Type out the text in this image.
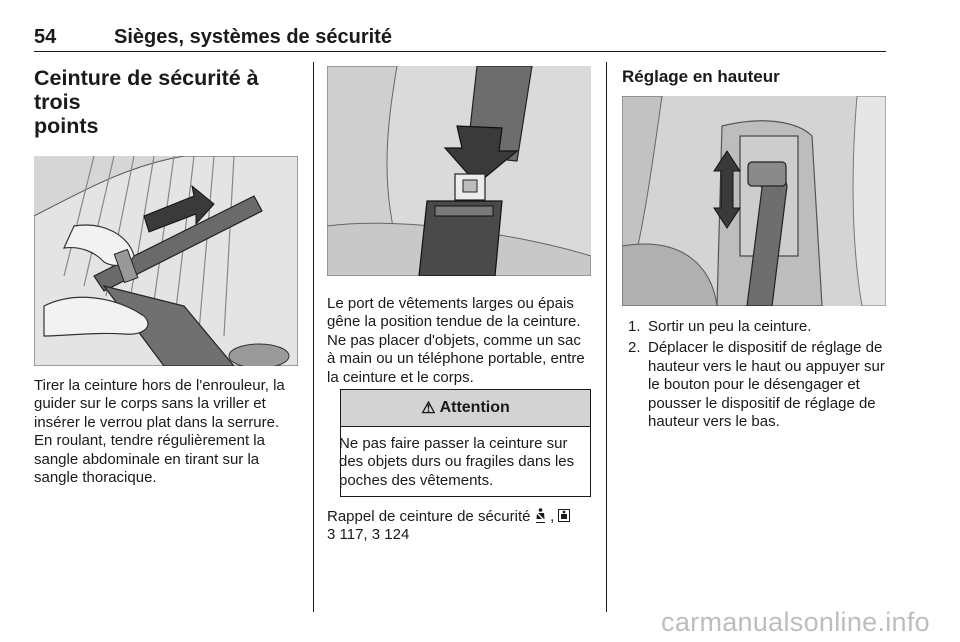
54	Sièges, systèmes de sécurité
Ceinture de sécurité à trois
points
Tirer la ceinture hors de l'enrouleur, la guider sur le corps sans la vriller et insérer le verrou plat dans la serrure. En roulant, tendre régulièrement la sangle abdominale en tirant sur la sangle thoracique.
Le port de vêtements larges ou épais gêne la position tendue de la ceinture. Ne pas placer d'objets, comme un sac à main ou un téléphone portable, entre la ceinture et le corps.
⚠ Attention
Ne pas faire passer la ceinture sur des objets durs ou fragiles dans les poches des vêtements.
Rappel de ceinture de sécurité ,
3 117, 3 124
Réglage en hauteur
1. Sortir un peu la ceinture.
2. Déplacer le dispositif de réglage de hauteur vers le haut ou appuyer sur le bouton pour le désengager et pousser le dispositif de réglage de hauteur vers le bas.
carmanualsonline.info
